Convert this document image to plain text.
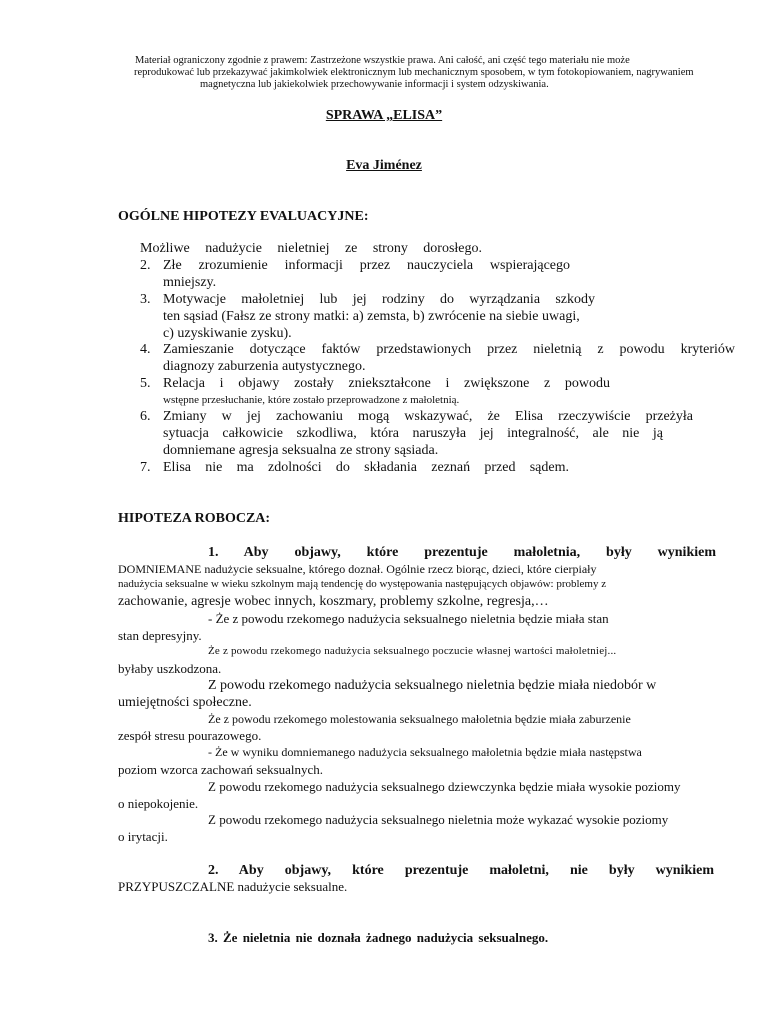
Materiał ograniczony zgodnie z prawem: Zastrzeżone wszystkie prawa. Ani całość, ani część tego materiału nie może
reprodukować lub przekazywać jakimkolwiek elektronicznym lub mechanicznym sposobem, w tym fotokopiowaniem, nagrywaniem
magnetyczna lub jakiekolwiek przechowywanie informacji i system odzyskiwania.
SPRAWA „ELISA”
Eva Jiménez
OGÓLNE HIPOTEZY EVALUACYJNE:
Możliwe nadużycie nieletniej ze strony dorosłego.
2. Złe zrozumienie informacji przez nauczyciela wspierającego
mniejszy.
3. Motywacje małoletniej lub jej rodziny do wyrządzania szkody
ten sąsiad (Fałsz ze strony matki: a) zemsta, b) zwrócenie na siebie uwagi,
c) uzyskiwanie zysku).
4. Zamieszanie dotyczące faktów przedstawionych przez nieletnią z powodu kryteriów
diagnozy zaburzenia autystycznego.
5. Relacja i objawy zostały zniekształcone i zwiększone z powodu
wstępne przesłuchanie, które zostało przeprowadzone z małoletnią.
6. Zmiany w jej zachowaniu mogą wskazywać, że Elisa rzeczywiście przeżyła
sytuacja całkowicie szkodliwa, która naruszyła jej integralność, ale nie ją
domniemane agresja seksualna ze strony sąsiada.
7. Elisa nie ma zdolności do składania zeznań przed sądem.
HIPOTEZA ROBOCZA:
1. Aby objawy, które prezentuje małoletnia, były wynikiem
DOMNIEMANE nadużycie seksualne, którego doznał. Ogólnie rzecz biorąc, dzieci, które cierpiały
nadużycia seksualne w wieku szkolnym mają tendencję do występowania następujących objawów: problemy z
zachowanie, agresje wobec innych, koszmary, problemy szkolne, regresja,…
- Że z powodu rzekomego nadużycia seksualnego nieletnia będzie miała stan
stan depresyjny.
Że z powodu rzekomego nadużycia seksualnego poczucie własnej wartości małoletniej...
byłaby uszkodzona.
Z powodu rzekomego nadużycia seksualnego nieletnia będzie miała niedobór w
umiejętności społeczne.
Że z powodu rzekomego molestowania seksualnego małoletnia będzie miała zaburzenie
zespół stresu pourazowego.
- Że w wyniku domniemanego nadużycia seksualnego małoletnia będzie miała następstwa
poziom wzorca zachowań seksualnych.
Z powodu rzekomego nadużycia seksualnego dziewczynka będzie miała wysokie poziomy
o niepokojenie.
Z powodu rzekomego nadużycia seksualnego nieletnia może wykazać wysokie poziomy
o irytacji.
2. Aby objawy, które prezentuje małoletni, nie były wynikiem
PRZYPUSZCZALNE nadużycie seksualne.
3. Że nieletnia nie doznała żadnego nadużycia seksualnego.
